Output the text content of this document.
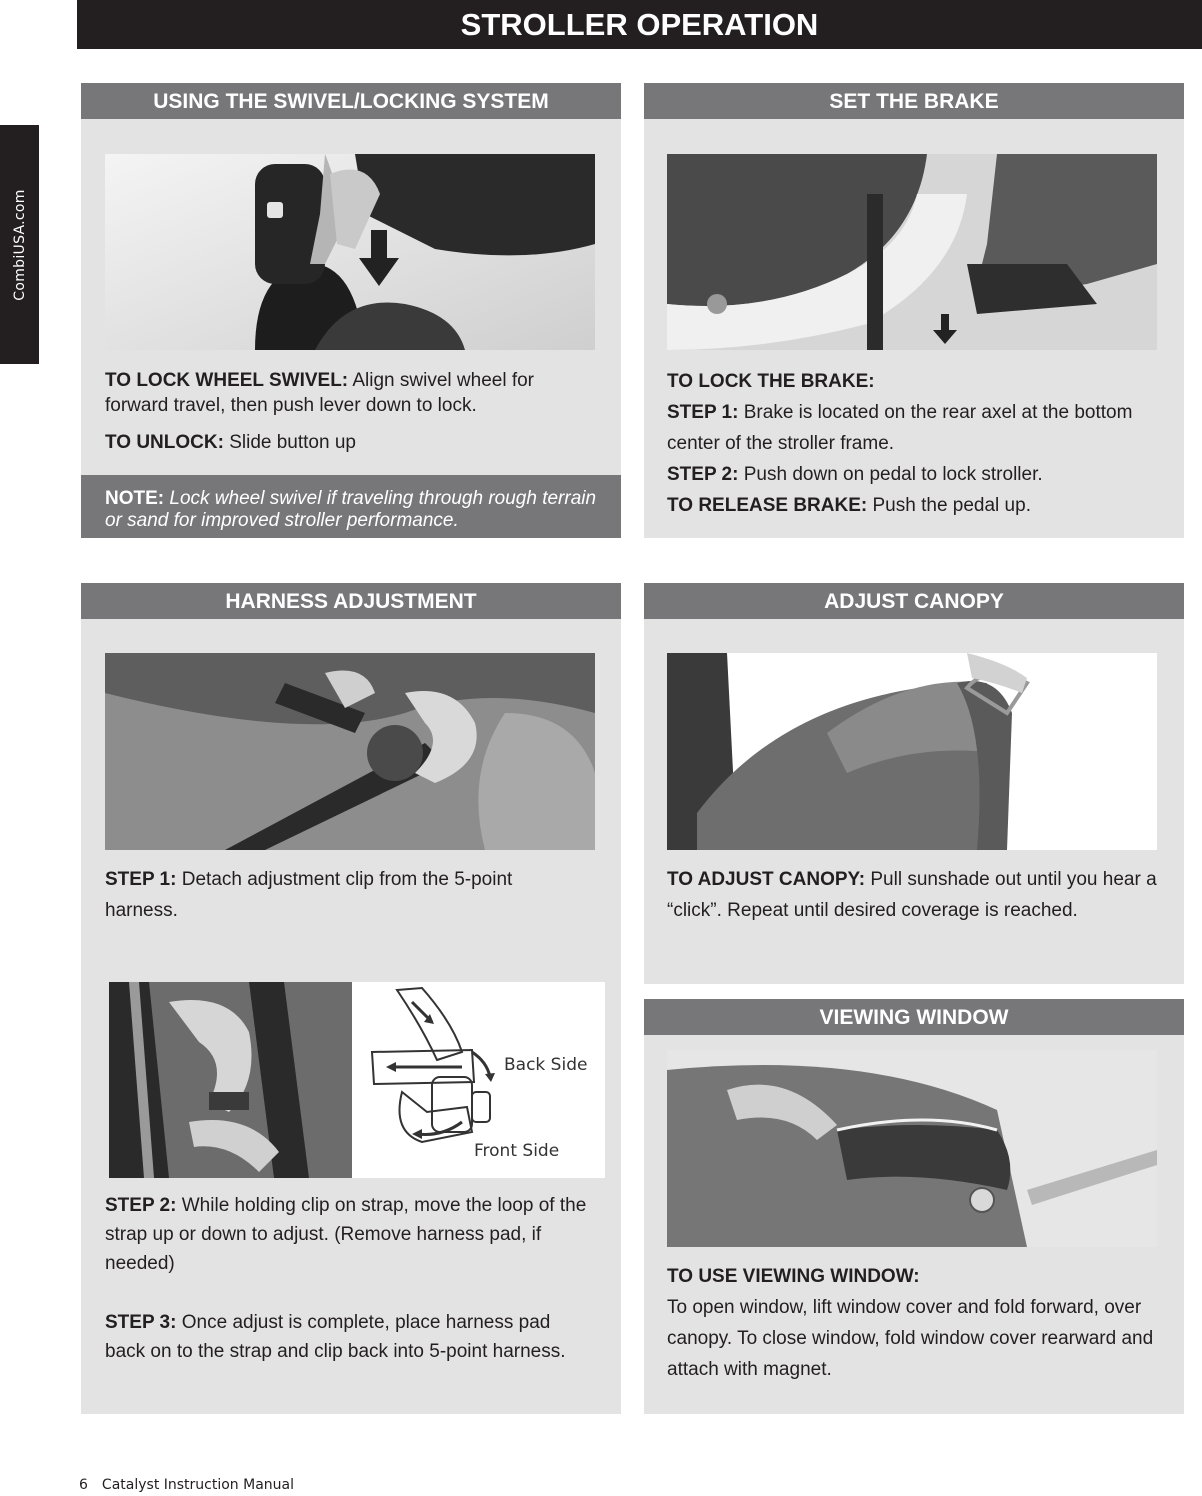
CombiUSA.com
STROLLER OPERATION
USING THE SWIVEL/LOCKING SYSTEM

TO LOCK WHEEL SWIVEL: Align swivel wheel for forward travel, then push lever down to lock.

TO UNLOCK: Slide button up

NOTE: Lock wheel swivel if traveling through rough terrain or sand for improved stroller performance.
SET THE BRAKE

TO LOCK THE BRAKE:

STEP 1: Brake is located on the rear axel at the bottom center of the stroller frame.

STEP 2: Push down on pedal to lock stroller.

TO RELEASE BRAKE: Push the pedal up.

HARNESS ADJUSTMENT

STEP 1: Detach adjustment clip from the 5-point harness.

Back Side
Front Side

STEP 2: While holding clip on strap, move the loop of the strap up or down to adjust. (Remove harness pad, if needed)

STEP 3: Once adjust is complete, place harness pad back on to the strap and clip back into 5-point harness.

ADJUST CANOPY

TO ADJUST CANOPY: Pull sunshade out until you hear a “click”. Repeat until desired coverage is reached.

VIEWING WINDOW

TO USE VIEWING WINDOW:

To open window, lift window cover and fold forward, over canopy. To close window, fold window cover rearward and attach with magnet.

6 Catalyst Instruction Manual
